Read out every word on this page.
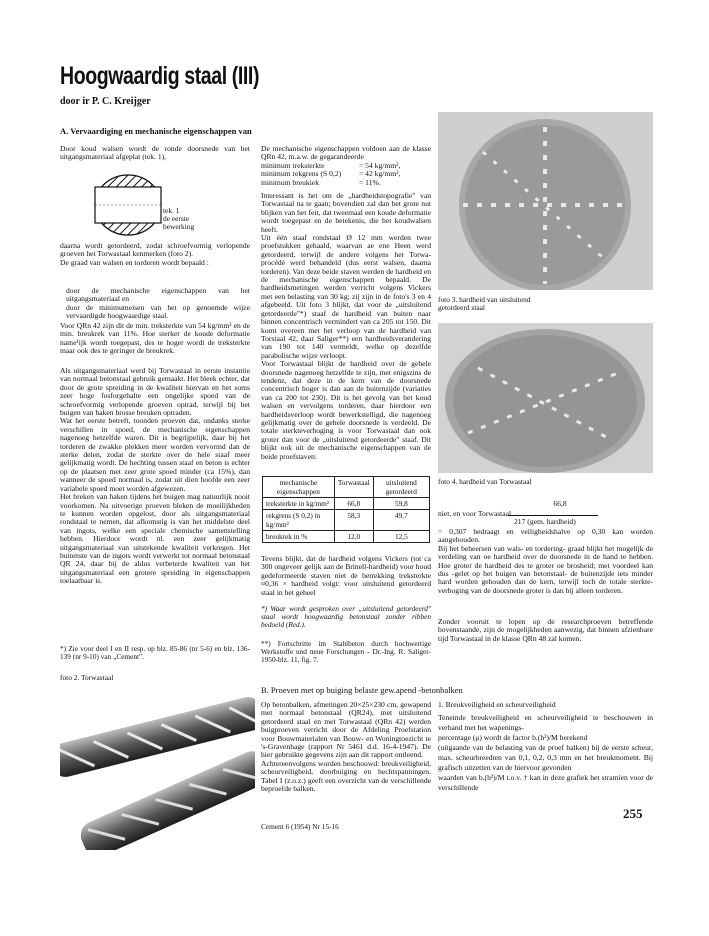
Hoogwaardig staal (III)
door ir P. C. Kreijger
A. Vervaardiging en mechanische eigenschappen van
Door koud walsen wordt de ronde doorsnede van het uitgangsmateriaal afgeplat (tek. 1),
tek. 1
de eerste
bewerking
daarna wordt getordeerd, zodat schroefvormig verlopende groeven het Torwastaal kenmerken (foto 2).
De graad van walsen en torderen wordt bepaald :
door de mechanische eigenschappen van het uitgangsmateriaal en
door de minimumeisen van het op genoemde wijze vervaardigde hoogwaardige staal.
Voor QRn 42 zijn dit de min. treksterkte van 54 kg/mm² en de min. breukrek van 11%. Hoe sterker de koude deformatie name¹ijk wordt toegepast, des te hoger wordt de treksterkte maar ook des te geringer de breukrek.
Als uitgangsmateriaal werd bij Torwastaal in eerste instantie van normaal betonstaal gebruik gemaakt. Het bleek echter, dat door de grote spreiding in de kwaliteit hiervan en het soms zeer hoge fosforgehalte een ongelijke spoed van de schroefvormig verlopende groeven optrad, terwijl bij het buigen van haken brosse breuken optraden.
Wat het eerste betreft, toonden proeven dat, ondanks sterke verschillen in spoed, de mechanische eigenschappen nagenoeg hetzelfde waren. Dit is begrijpelijk, daar bij het torderen de zwakke plekken meer worden vervormd dan de sterke delen, zodat de sterkte over de hele staaf meer gelijkmatig wordt. De hechting tussen staaf en beton is echter op de plaatsen met zeer grote spoed minder (ca 15%), dan wanneer de spoed normaal is, zodat uit dien hoofde een zeer variabele spoed moet worden afgewezen.
Het breken van haken tijdens het buigen mag natuurlijk nooit voorkomen. Na uitvoerige proeven bleken de moeilijkheden te kunnen worden opgelost, door als uitgangsmateriaal rondstaal te nemen, dat afkomstig is van het middelste deel van ingots, welke een speciale chemische samenstelling hebben. Hierdoor wordt nl. een zeer gelijkmatig uitgangsmateriaal van uitstekende kwaliteit verkregen. Het buitenste van de ingots wordt verwerkt tot normaal betonstaal QR 24, daar bij de aldus verbeterde kwaliteit van het uitgangsmateriaal een grotere spreiding in eigenschappen toelaatbaar is.
*) Zie voor deel I en II resp. op blz. 85-86 (nr 5-6) en blz. 136-139 (nr 9-10) van „Cement".
De mechanische eigenschappen voldoen aan de klasse QRn 42, m.a.w. de gegarandeerde
minimum treksterkte	= 54 kg/mm²,
minimum rekgrens (S 0,2)	= 42 kg/mm²,
minimum breukiek	= 11%.
Interessant is het om de „hardheidstopografie" van Torwastaal na te gaan; bovendien zal dan het grote nut blijken van het feit, dat tweemaal een koude deformatie wordt toegepast en de betekenis, die het koudwalsen heeft.
Uit één staaf rondstaal Ø 12 mm werden twee proefstukken gehaald, waarvan ae ene Heen werd getordeerd, terwijl de andere volgens het Torwa-procédé werd behandeld (dus eerst walsen, daarna torderen). Van deze beide staven werden de hardheid en de mechanische eigenschappen bepaald. De hardheidsmetingen werden verricht volgens Vickers met een belasting van 30 kg; zij zijn in de foto's 3 en 4 afgebeeld. Uit foto 3 blijkt, dat voor de „uitsluitend getordeerde"*) staaf de hardheid van buiten naar binnen concentrisch vermindert van ca 205 tot 150. Dit komt overeen met het verloop van de hardheid van Torstaal 42, daar Saliger**) een hardheidsverandering van 190 tot 140 vermeldt, welke op dezelfde parabolische wijze verloopt.
Voor Torwastaal blijkt de hardheid over de gehele doorsnede nagenoeg hetzelfde te zijn, met enigszins de tendenz, dat deze in de kern van de doorsnede concentrisch hoger is dan aan de buitenzijde (variaties van ca 200 tot 230). Dit is het gevolg van het koud walsen en vervolgens torderen, daar hierdoor een hardheidsverloop wordt bewerkstelligd, die nagenoeg gelijkmatig over de gehele doorsnede is verdeeld. De totale sterkteverhoging is voor Torwastaal dan ook groter dan voor de „uitsluitend getordeerde" staaf. Dit blijkt ook uit de mechanische eigenschappen van de beide proefstaven:
mechanische eigenschappen	Torwastaal	uitsluitend getordeerd
treksterkte in kg/mm²	66,8	59,8
rekgrens (S 0,2) in kg/mm²	58,3	49,7
breukrek in %	12,0	12,5
Tevens blijkt, dat de hardheid volgens Vickers (tot ca 300 ongeveer gelijk aan de Brinell-hardheid) voor houd gedeformeerde staven niet de betrekking treksterkte ≈0,36 × hardheid volgt: voor uitsluitend getordeerd staal in het geheel
*) Waar wordt gesproken over „uitsluitend getordeerd" staal wordt hoogwaardig betonstaal zonder ribben bedoeld (Red.).
**) Fortschritte im Stahlbeton durch hochwertige Werkstoffe und neue Forschungen - Dr.-Ing. R. Saliger- 1950-blz. 11, fig. 7.
foto 3. hardheid van uitsluitend
getordeerd staal
foto 4. hardheid van Torwastaal
66,8
niet, en voor Torwastaal .
217 (gem. hardheid)
= 0,307 bedraagt en veiligheidshalve op 0,30 kan worden aangehouden.
Bij het beheersen van wals- en tordering- graad blijkt het mogelijk de verdeling van oe hardheid over de doorsnede in de hand te hebben. Hoe groter de hardheid des te groter oe brosheid; met voordeel kan dus -gelet op het buigen van betonstaal- de buitenzijde iets minder hard worden gehouden dan de kern, terwijl toch de totale sterkte-verhoging van de doorsnede groter is dan bij alleen torderen.
Zonder vooruit te lopen op de researchproeven betreffende bovenstaande, zijn de mogelijkheden aanwezig, dat binnen afzienbare tijd Torwastaal in de klasse QRn 48 zal komen.
foto 2. Torwastaal
B. Proeven met op buiging belaste gew.apend -betonbalken
Op betonbalken, afmetingen 20×25×230 cm, gewapend met normaal betonstaal (QR24), met uitsluitend getordeerd staal en met Torwastaal (QRn 42) werden buigproeven verricht door de Afdeling Proefstation voor Bouwmaterialen van Bouw- en Woningtoezicht te 's-Gravenhage (rapport Nr 5461 d.d. 16-4-1947). De hier gebruikte gegevens zijn aan dit rapport ontleend.
Achtereenvolgens worden beschouwd: breukveiligheid, scheurveiligheid, doorbuiging en hechtspanningen. Tabel I (z.o.z.) geeft een overzicht van de verschillende beproefde balken.
1. Breukveiligheid en scheurveiligheid
Teneinde breukveiligheid en scheurveiligheid te beschouwen in verband met het wapenings-
percentage (μ) wordt de factor b.(h²)/M berekend
(uitgaande van de belasting van de proef balken) bij de eerste scheur, max. scheurbreedten van 0,1, 0,2, 0,3 mm en het breukmoment. Bij grafisch uitzetten van de hiervoor gevonden
waarden van b.(h²)/M t.o.v. † kan in deze grafiek het stramien voor de verschillende
Cement 6 (1954) Nr 15-16
255
